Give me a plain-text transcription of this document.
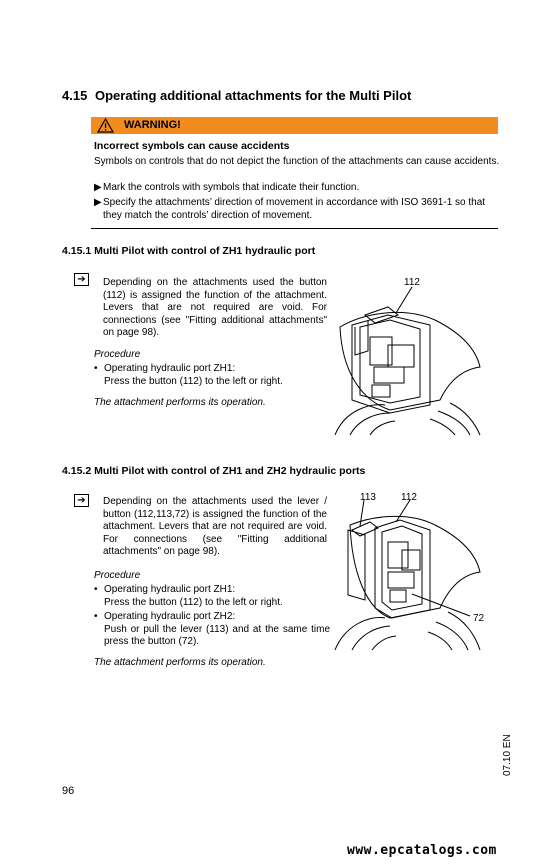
4.15 Operating additional attachments for the Multi Pilot
WARNING!
Incorrect symbols can cause accidents
Symbols on controls that do not depict the function of the attachments can cause accidents.
▶ Mark the controls with symbols that indicate their function.
▶ Specify the attachments’ direction of movement in accordance with ISO 3691-1 so that they match the controls’ direction of movement.
4.15.1 Multi Pilot with control of ZH1 hydraulic port
➔	Depending on the attachments used the button (112) is assigned the function of the attachment. Levers that are not required are void. For connections (see "Fitting additional attachments" on page 98).
Procedure
• Operating hydraulic port ZH1:
Press the button (112) to the left or right.
The attachment performs its operation.
112
4.15.2 Multi Pilot with control of ZH1 and ZH2 hydraulic ports
➔	Depending on the attachments used the lever / button (112,113,72) is assigned the function of the attachment. Levers that are not required are void. For connections (see "Fitting additional attachments" on page 98).
Procedure
• Operating hydraulic port ZH1:
Press the button (112) to the left or right.
• Operating hydraulic port ZH2:
Push or pull the lever (113) and at the same time press the button (72).
The attachment performs its operation.
113	112
72
07.10 EN
96
www.epcatalogs.com
